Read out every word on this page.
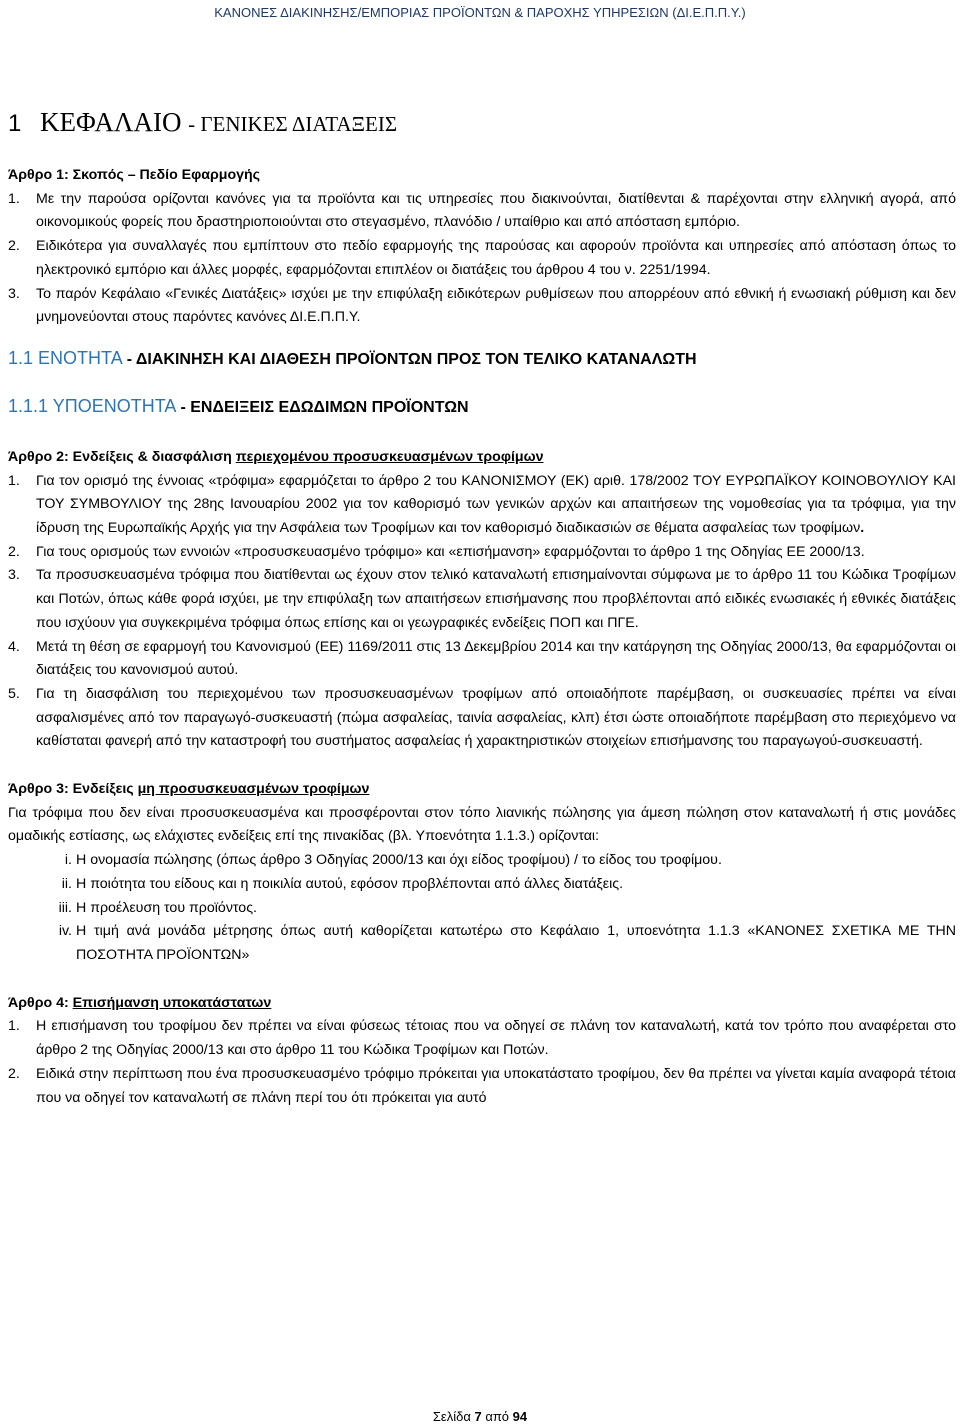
ΚΑΝΟΝΕΣ ΔΙΑΚΙΝΗΣΗΣ/ΕΜΠΟΡΙΑΣ ΠΡΟΪΟΝΤΩΝ & ΠΑΡΟΧΗΣ ΥΠΗΡΕΣΙΩΝ (ΔΙ.Ε.Π.Π.Υ.)
1 ΚΕΦΑΛΑΙΟ - ΓΕΝΙΚΕΣ ΔΙΑΤΑΞΕΙΣ

Άρθρο 1: Σκοπός – Πεδίο Εφαρμογής

1.	Με την παρούσα ορίζονται κανόνες για τα προϊόντα και τις υπηρεσίες που διακινούνται, διατίθενται & παρέχονται στην ελληνική αγορά, από οικονομικούς φορείς που δραστηριοποιούνται στο στεγασμένο, πλανόδιο / υπαίθριο και από απόσταση εμπόριο.
2.	Ειδικότερα για συναλλαγές που εμπίπτουν στο πεδίο εφαρμογής της παρούσας και αφορούν προϊόντα και υπηρεσίες από απόσταση όπως το ηλεκτρονικό εμπόριο και άλλες μορφές, εφαρμόζονται επιπλέον οι διατάξεις του άρθρου 4 του ν. 2251/1994.
3.	Το παρόν Κεφάλαιο «Γενικές Διατάξεις» ισχύει με την επιφύλαξη ειδικότερων ρυθμίσεων που απορρέουν από εθνική ή ενωσιακή ρύθμιση και δεν μνημονεύονται στους παρόντες κανόνες ΔΙ.Ε.Π.Π.Υ.

1.1 ΕΝΟΤΗΤΑ - ΔΙΑΚΙΝΗΣΗ ΚΑΙ ΔΙΑΘΕΣΗ ΠΡΟΪΟΝΤΩΝ ΠΡΟΣ ΤΟΝ ΤΕΛΙΚΟ ΚΑΤΑΝΑΛΩΤΗ

1.1.1 ΥΠΟΕΝΟΤΗΤΑ - ΕΝΔΕΙΞΕΙΣ ΕΔΩΔΙΜΩΝ ΠΡΟΪΟΝΤΩΝ

Άρθρο 2: Ενδείξεις & διασφάλιση περιεχομένου προσυσκευασμένων τροφίμων

1.	Για τον ορισμό της έννοιας «τρόφιμα» εφαρμόζεται το άρθρο 2 του ΚΑΝΟΝΙΣΜΟΥ (ΕΚ) αριθ. 178/2002 ΤΟΥ ΕΥΡΩΠΑΪΚΟΥ ΚΟΙΝΟΒΟΥΛΙΟΥ ΚΑΙ ΤΟΥ ΣΥΜΒΟΥΛΙΟΥ της 28ης Ιανουαρίου 2002 για τον καθορισμό των γενικών αρχών και απαιτήσεων της νομοθεσίας για τα τρόφιμα, για την ίδρυση της Ευρωπαϊκής Αρχής για την Ασφάλεια των Τροφίμων και τον καθορισμό διαδικασιών σε θέματα ασφαλείας των τροφίμων.
2.	Για τους ορισμούς των εννοιών «προσυσκευασμένο τρόφιμο» και «επισήμανση» εφαρμόζονται το άρθρο 1 της Οδηγίας ΕΕ 2000/13.
3.	Τα προσυσκευασμένα τρόφιμα που διατίθενται ως έχουν στον τελικό καταναλωτή επισημαίνονται σύμφωνα με το άρθρο 11 του Κώδικα Τροφίμων και Ποτών, όπως κάθε φορά ισχύει, με την επιφύλαξη των απαιτήσεων επισήμανσης που προβλέπονται από ειδικές ενωσιακές ή εθνικές διατάξεις που ισχύουν για συγκεκριμένα τρόφιμα όπως επίσης και οι γεωγραφικές ενδείξεις ΠΟΠ και ΠΓΕ.
4.	Μετά τη θέση σε εφαρμογή του Κανονισμού (ΕΕ) 1169/2011 στις 13 Δεκεμβρίου 2014 και την κατάργηση της Οδηγίας 2000/13, θα εφαρμόζονται οι διατάξεις του κανονισμού αυτού.
5.	Για τη διασφάλιση του περιεχομένου των προσυσκευασμένων τροφίμων από οποιαδήποτε παρέμβαση, οι συσκευασίες πρέπει να είναι ασφαλισμένες από τον παραγωγό-συσκευαστή (πώμα ασφαλείας, ταινία ασφαλείας, κλπ) έτσι ώστε οποιαδήποτε παρέμβαση στο περιεχόμενο να καθίσταται φανερή από την καταστροφή του συστήματος ασφαλείας ή χαρακτηριστικών στοιχείων επισήμανσης του παραγωγού-συσκευαστή.

Άρθρο 3: Ενδείξεις μη προσυσκευασμένων τροφίμων

Για τρόφιμα που δεν είναι προσυσκευασμένα και προσφέρονται στον τόπο λιανικής πώλησης για άμεση πώληση στον καταναλωτή ή στις μονάδες ομαδικής εστίασης, ως ελάχιστες ενδείξεις επί της πινακίδας (βλ. Υποενότητα 1.1.3.) ορίζονται:

i. Η ονομασία πώλησης (όπως άρθρο 3 Οδηγίας 2000/13 και όχι είδος τροφίμου) / το είδος του τροφίμου.
ii. Η ποιότητα του είδους και η ποικιλία αυτού, εφόσον προβλέπονται από άλλες διατάξεις.
iii. Η προέλευση του προϊόντος.
iv. Η τιμή ανά μονάδα μέτρησης όπως αυτή καθορίζεται κατωτέρω στο Κεφάλαιο 1, υποενότητα 1.1.3 «ΚΑΝΟΝΕΣ ΣΧΕΤΙΚΑ ΜΕ ΤΗΝ ΠΟΣΟΤΗΤΑ ΠΡΟΪΟΝΤΩΝ»

Άρθρο 4: Επισήμανση υποκατάστατων

1.	Η επισήμανση του τροφίμου δεν πρέπει να είναι φύσεως τέτοιας που να οδηγεί σε πλάνη τον καταναλωτή, κατά τον τρόπο που αναφέρεται στο άρθρο 2 της Οδηγίας 2000/13 και στο άρθρο 11 του Κώδικα Τροφίμων και Ποτών.
2.	Ειδικά στην περίπτωση που ένα προσυσκευασμένο τρόφιμο πρόκειται για υποκατάστατο τροφίμου, δεν θα πρέπει να γίνεται καμία αναφορά τέτοια που να οδηγεί τον καταναλωτή σε πλάνη περί του ότι πρόκειται για αυτό
Σελίδα 7 από 94
